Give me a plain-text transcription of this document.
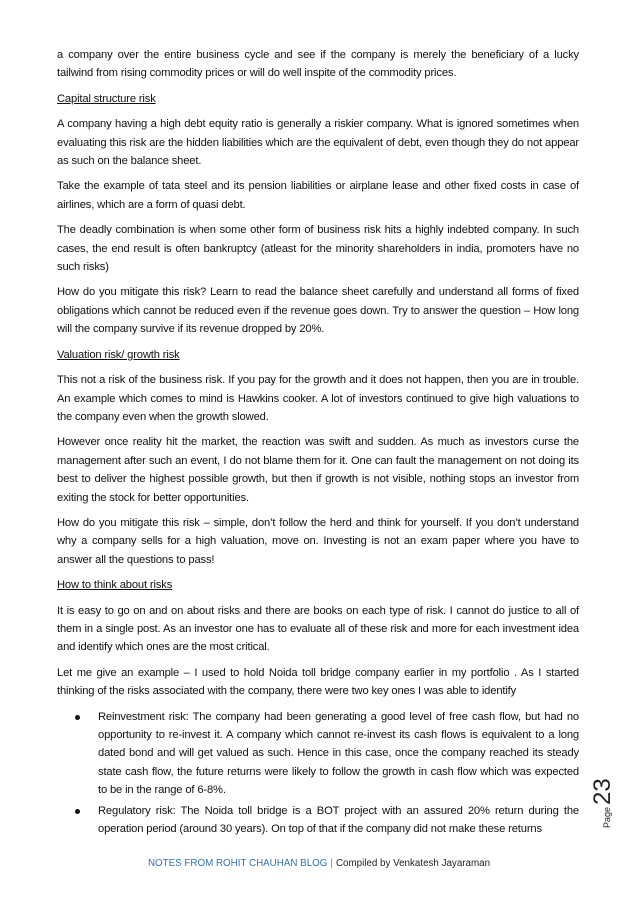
a company over the entire business cycle and see if the company is merely the beneficiary of a lucky tailwind from rising commodity prices or will do well inspite of the commodity prices.

Capital structure risk

A company having a high debt equity ratio is generally a riskier company. What is ignored sometimes when evaluating this risk are the hidden liabilities which are the equivalent of debt, even though they do not appear as such on the balance sheet.

Take the example of tata steel and its pension liabilities or airplane lease and other fixed costs in case of airlines, which are a form of quasi debt.

The deadly combination is when some other form of business risk hits a highly indebted company. In such cases, the end result is often bankruptcy (atleast for the minority shareholders in india, promoters have no such risks)

How do you mitigate this risk? Learn to read the balance sheet carefully and understand all forms of fixed obligations which cannot be reduced even if the revenue goes down. Try to answer the question – How long will the company survive if its revenue dropped by 20%.

Valuation risk/ growth risk

This not a risk of the business risk. If you pay for the growth and it does not happen, then you are in trouble. An example which comes to mind is Hawkins cooker. A lot of investors continued to give high valuations to the company even when the growth slowed.

However once reality hit the market, the reaction was swift and sudden. As much as investors curse the management after such an event, I do not blame them for it. One can fault the management on not doing its best to deliver the highest possible growth, but then if growth is not visible, nothing stops an investor from exiting the stock for better opportunities.

How do you mitigate this risk – simple, don’t follow the herd and think for yourself. If you don’t understand why a company sells for a high valuation, move on. Investing is not an exam paper where you have to answer all the questions to pass!

How to think about risks

It is easy to go on and on about risks and there are books on each type of risk. I cannot do justice to all of them in a single post. As an investor one has to evaluate all of these risk and more for each investment idea and identify which ones are the most critical.

Let me give an example – I used to hold Noida toll bridge company earlier in my portfolio . As I started thinking of the risks associated with the company, there were two key ones I was able to identify

Reinvestment risk: The company had been generating a good level of free cash flow, but had no opportunity to re-invest it. A company which cannot re-invest its cash flows is equivalent to a long dated bond and will get valued as such. Hence in this case, once the company reached its steady state cash flow, the future returns were likely to follow the growth in cash flow which was expected to be in the range of 6-8%.
Regulatory risk: The Noida toll bridge is a BOT project with an assured 20% return during the operation period (around 30 years). On top of that if the company did not make these returns
Page23
NOTES FROM ROHIT CHAUHAN BLOG | Compiled by Venkatesh Jayaraman
